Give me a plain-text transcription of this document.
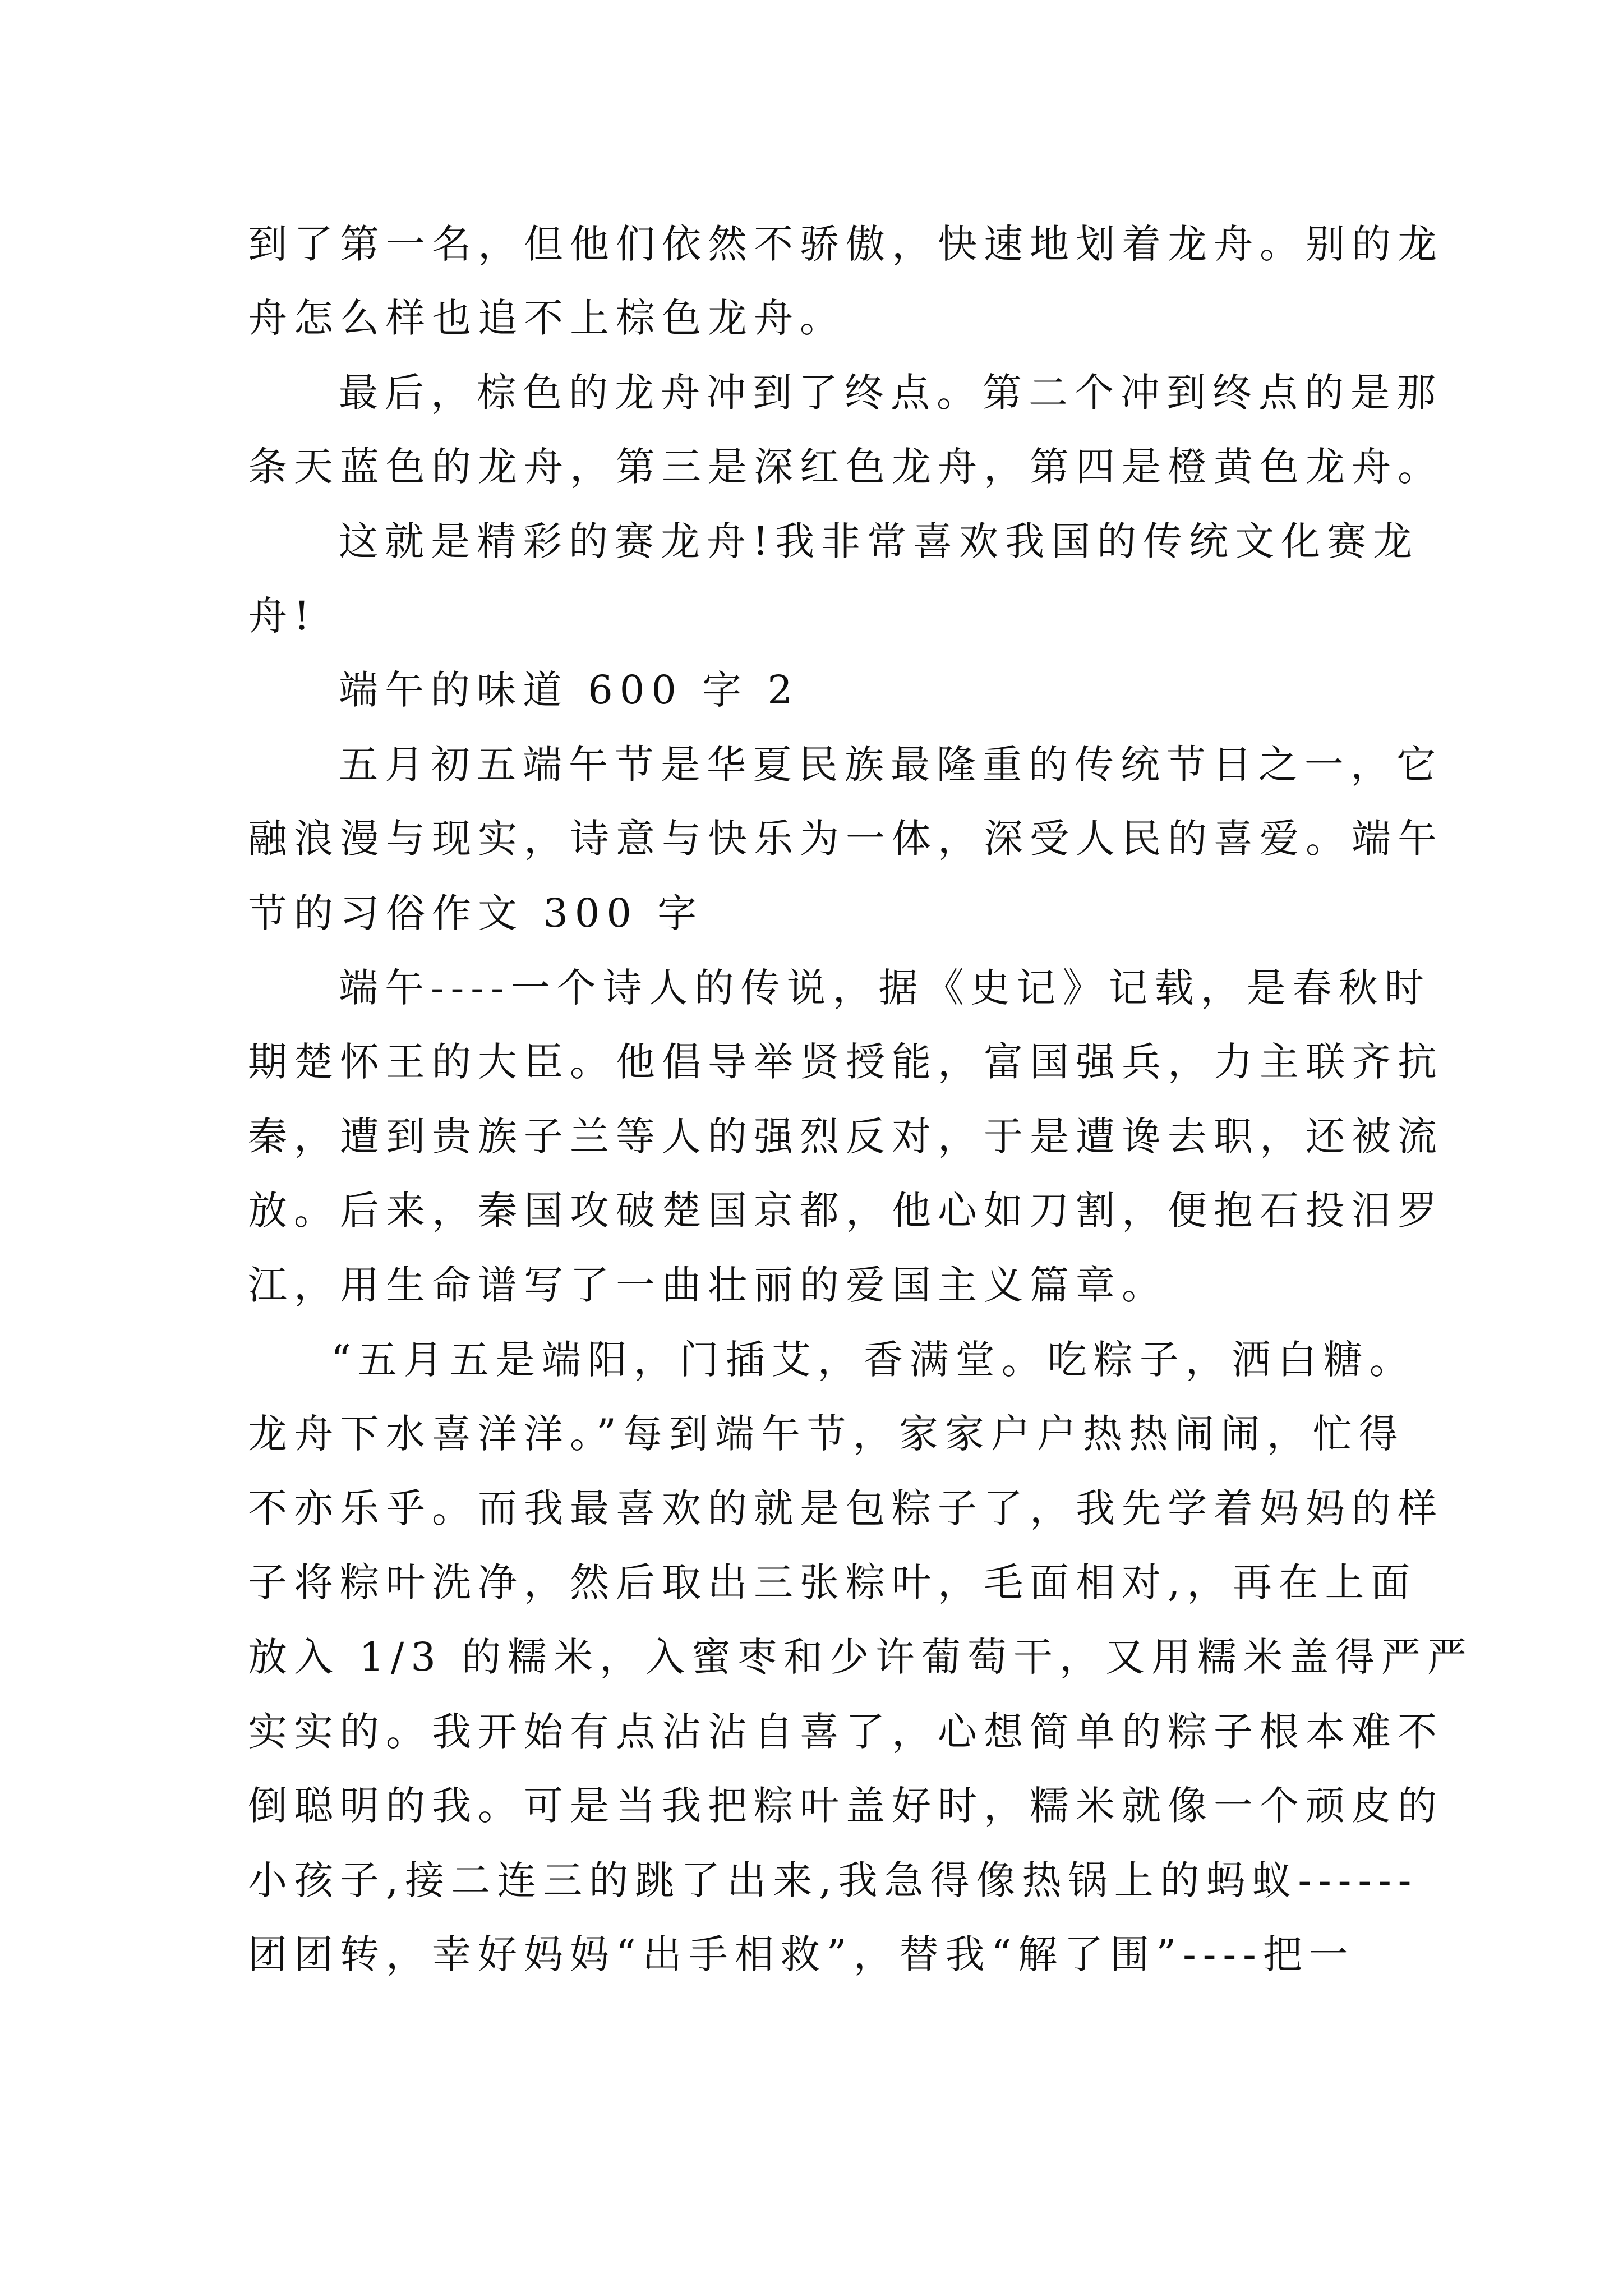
到了第一名，但他们依然不骄傲，快速地划着龙舟。别的龙
舟怎么样也追不上棕色龙舟。
最后，棕色的龙舟冲到了终点。第二个冲到终点的是那
条天蓝色的龙舟，第三是深红色龙舟，第四是橙黄色龙舟。
这就是精彩的赛龙舟!我非常喜欢我国的传统文化赛龙
舟!
端午的味道 600 字 2
五月初五端午节是华夏民族最隆重的传统节日之一，它
融浪漫与现实，诗意与快乐为一体，深受人民的喜爱。端午
节的习俗作文 300 字
端午----一个诗人的传说，据《史记》记载，是春秋时
期楚怀王的大臣。他倡导举贤授能，富国强兵，力主联齐抗
秦，遭到贵族子兰等人的强烈反对，于是遭谗去职，还被流
放。后来，秦国攻破楚国京都，他心如刀割，便抱石投汨罗
江，用生命谱写了一曲壮丽的爱国主义篇章。
“五月五是端阳，门插艾，香满堂。吃粽子，洒白糖。
龙舟下水喜洋洋。”每到端午节，家家户户热热闹闹，忙得
不亦乐乎。而我最喜欢的就是包粽子了，我先学着妈妈的样
子将粽叶洗净，然后取出三张粽叶，毛面相对,，再在上面
放入 1/3 的糯米，入蜜枣和少许葡萄干，又用糯米盖得严严
实实的。我开始有点沾沾自喜了，心想简单的粽子根本难不
倒聪明的我。可是当我把粽叶盖好时，糯米就像一个顽皮的
小孩子,接二连三的跳了出来,我急得像热锅上的蚂蚁------
团团转，幸好妈妈“出手相救”，替我“解了围”----把一
